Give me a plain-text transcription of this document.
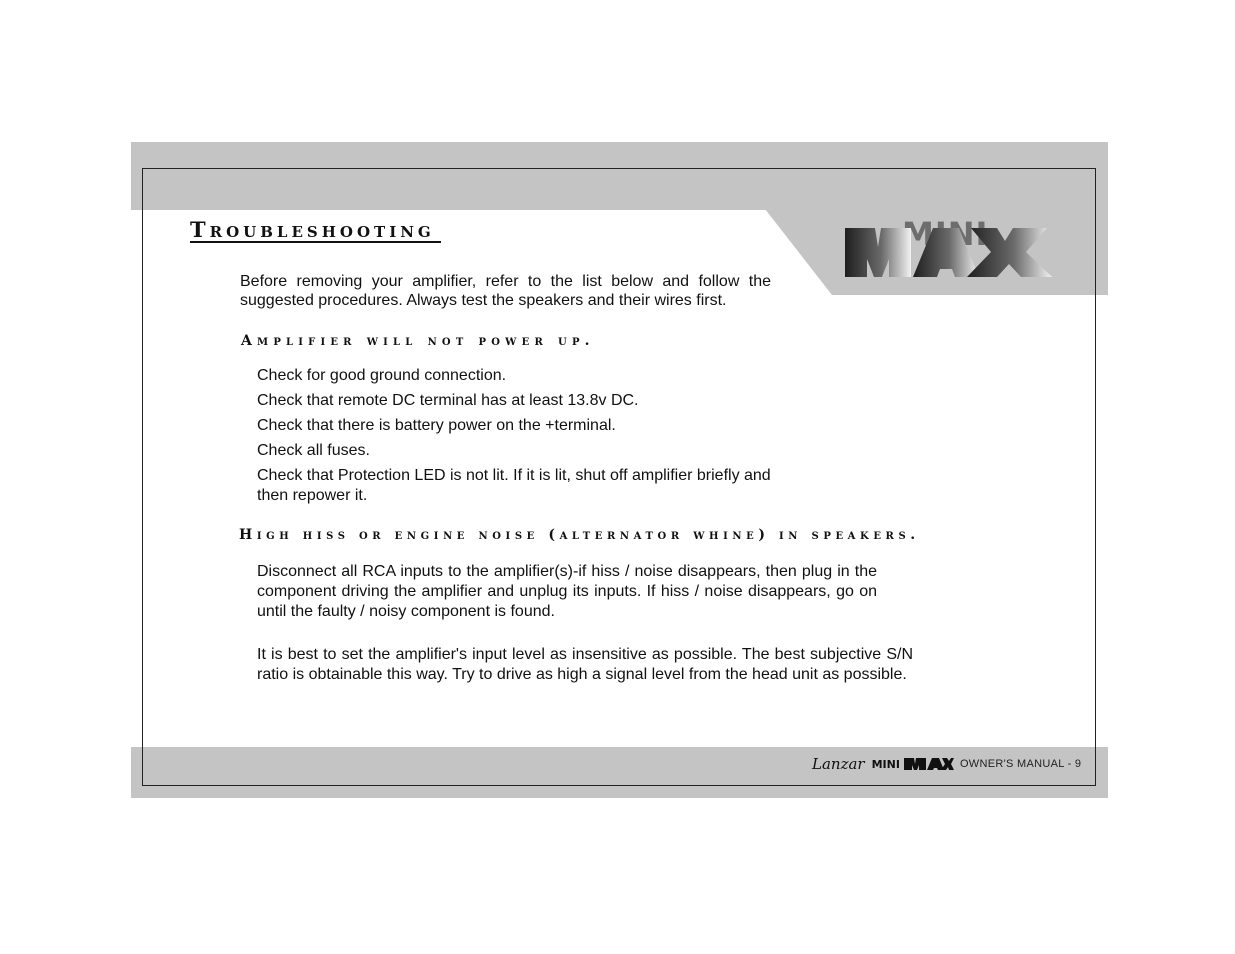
Troubleshooting
Before removing your amplifier, refer to the list below and follow the suggested procedures. Always test the speakers and their wires first.
Amplifier will not power up.
Check for good ground connection.
Check that remote DC terminal has at least 13.8v DC.
Check that there is battery power on the +terminal.
Check all fuses.
Check that Protection LED is not lit. If it is lit, shut off amplifier briefly and then repower it.
High hiss or engine noise (alternator whine) in speakers.
Disconnect all RCA inputs to the amplifier(s)-if hiss / noise disappears, then plug in the component driving the amplifier and unplug its inputs. If hiss / noise disappears, go on until the faulty / noisy component is found.
It is best to set the amplifier's input level as insensitive as possible. The best subjective S/N ratio is obtainable this way. Try to drive as high a signal level from the head unit as possible.
Lanzar MINI	MAX
OWNER'S MANUAL - 9
